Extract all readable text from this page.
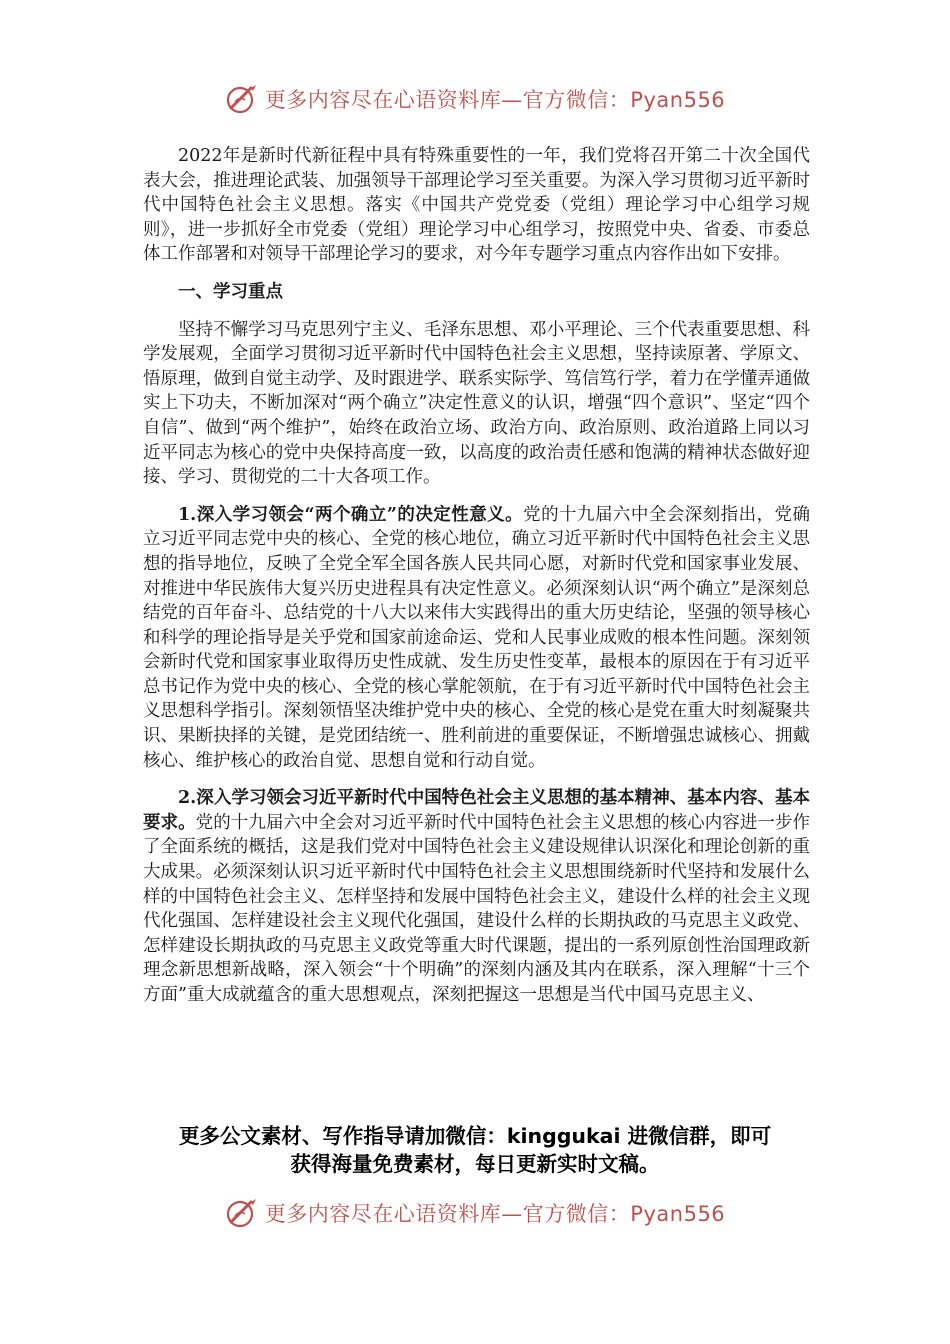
更多内容尽在心语资料库—官方微信：Pyan556

2022年是新时代新征程中具有特殊重要性的一年，我们党将召开第二十次全国代表大会，推进理论武装、加强领导干部理论学习至关重要。为深入学习贯彻习近平新时代中国特色社会主义思想。落实《中国共产党党委（党组）理论学习中心组学习规则》，进一步抓好全市党委（党组）理论学习中心组学习，按照党中央、省委、市委总体工作部署和对领导干部理论学习的要求，对今年专题学习重点内容作出如下安排。

一、学习重点

坚持不懈学习马克思列宁主义、毛泽东思想、邓小平理论、三个代表重要思想、科学发展观，全面学习贯彻习近平新时代中国特色社会主义思想，坚持读原著、学原文、悟原理，做到自觉主动学、及时跟进学、联系实际学、笃信笃行学，着力在学懂弄通做实上下功夫，不断加深对“两个确立”决定性意义的认识，增强“四个意识”、坚定“四个自信”、做到“两个维护”，始终在政治立场、政治方向、政治原则、政治道路上同以习近平同志为核心的党中央保持高度一致，以高度的政治责任感和饱满的精神状态做好迎接、学习、贯彻党的二十大各项工作。

1.深入学习领会“两个确立”的决定性意义。党的十九届六中全会深刻指出，党确立习近平同志党中央的核心、全党的核心地位，确立习近平新时代中国特色社会主义思想的指导地位，反映了全党全军全国各族人民共同心愿，对新时代党和国家事业发展、对推进中华民族伟大复兴历史进程具有决定性意义。必须深刻认识“两个确立”是深刻总结党的百年奋斗、总结党的十八大以来伟大实践得出的重大历史结论，坚强的领导核心和科学的理论指导是关乎党和国家前途命运、党和人民事业成败的根本性问题。深刻领会新时代党和国家事业取得历史性成就、发生历史性变革，最根本的原因在于有习近平总书记作为党中央的核心、全党的核心掌舵领航，在于有习近平新时代中国特色社会主义思想科学指引。深刻领悟坚决维护党中央的核心、全党的核心是党在重大时刻凝聚共识、果断抉择的关键，是党团结统一、胜利前进的重要保证，不断增强忠诚核心、拥戴核心、维护核心的政治自觉、思想自觉和行动自觉。

2.深入学习领会习近平新时代中国特色社会主义思想的基本精神、基本内容、基本要求。党的十九届六中全会对习近平新时代中国特色社会主义思想的核心内容进一步作了全面系统的概括，这是我们党对中国特色社会主义建设规律认识深化和理论创新的重大成果。必须深刻认识习近平新时代中国特色社会主义思想围绕新时代坚持和发展什么样的中国特色社会主义、怎样坚持和发展中国特色社会主义，建设什么样的社会主义现代化强国、怎样建设社会主义现代化强国，建设什么样的长期执政的马克思主义政党、怎样建设长期执政的马克思主义政党等重大时代课题，提出的一系列原创性治国理政新理念新思想新战略，深入领会“十个明确”的深刻内涵及其内在联系，深入理解“十三个方面”重大成就蕴含的重大思想观点，深刻把握这一思想是当代中国马克思主义、

更多公文素材、写作指导请加微信：kinggukai 进微信群，即可
获得海量免费素材，每日更新实时文稿。
更多内容尽在心语资料库—官方微信：Pyan556
